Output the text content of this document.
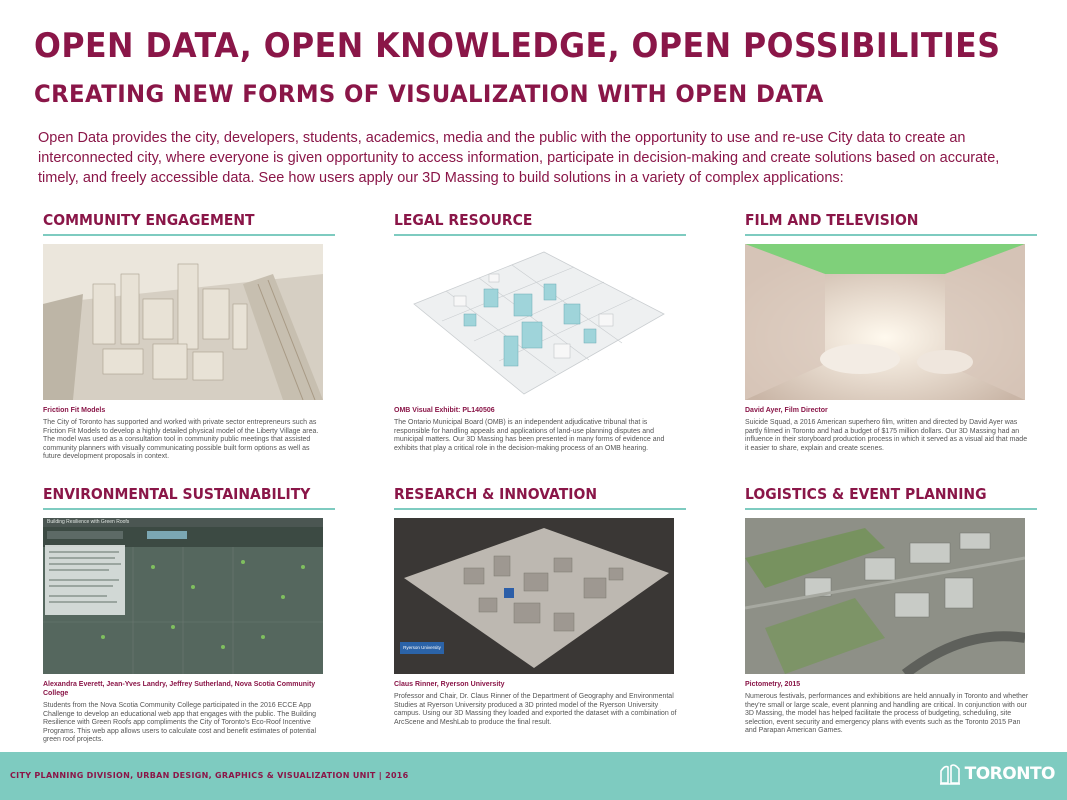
OPEN DATA, OPEN KNOWLEDGE, OPEN POSSIBILITIES
CREATING NEW FORMS OF VISUALIZATION WITH OPEN DATA

Open Data provides the city, developers, students, academics, media and the public with the opportunity to use and re-use City data to create an interconnected city, where everyone is given opportunity to access information, participate in decision-making and create solutions based on accurate, timely, and freely accessible data. See how users apply our 3D Massing to build solutions in a variety of complex applications:

COMMUNITY ENGAGEMENT

Friction Fit Models

The City of Toronto has supported and worked with private sector entrepreneurs such as Friction Fit Models to develop a highly detailed physical model of the Liberty Village area. The model was used as a consultation tool in community public meetings that assisted community planners with visually communicating possible built form options as well as future development proposals in context.

LEGAL RESOURCE

OMB Visual Exhibit: PL140506

The Ontario Municipal Board (OMB) is an independent adjudicative tribunal that is responsible for handling appeals and applications of land-use planning disputes and municipal matters. Our 3D Massing has been presented in many forms of evidence and exhibits that play a critical role in the decision-making process of an OMB hearing.

FILM AND TELEVISION

David Ayer, Film Director

Suicide Squad, a 2016 American superhero film, written and directed by David Ayer was partly filmed in Toronto and had a budget of $175 million dollars. Our 3D Massing had an influence in their storyboard production process in which it served as a visual aid that made it easier to share, explain and create scenes.

ENVIRONMENTAL SUSTAINABILITY
Building Resilience with Green Roofs

Alexandra Everett, Jean-Yves Landry, Jeffrey Sutherland, Nova Scotia Community College

Students from the Nova Scotia Community College participated in the 2016 ECCE App Challenge to develop an educational web app that engages with the public. The Building Resilience with Green Roofs app compliments the City of Toronto's Eco-Roof Incentive Programs. This web app allows users to calculate cost and benefit estimates of potential green roof projects.

RESEARCH & INNOVATION
Ryerson University

Claus Rinner, Ryerson University

Professor and Chair, Dr. Claus Rinner of the Department of Geography and Environmental Studies at Ryerson University produced a 3D printed model of the Ryerson University campus. Using our 3D Massing they loaded and exported the dataset with a combination of ArcScene and MeshLab to produce the final result.

LOGISTICS & EVENT PLANNING

Pictometry, 2015

Numerous festivals, performances and exhibitions are held annually in Toronto and whether they're small or large scale, event planning and handling are critical. In conjunction with our 3D Massing, the model has helped facilitate the process of budgeting, scheduling, site selection, event security and emergency plans with events such as the Toronto 2015 Pan and Parapan American Games.

CITY PLANNING DIVISION, URBAN DESIGN, GRAPHICS & VISUALIZATION UNIT | 2016	TORONTO
